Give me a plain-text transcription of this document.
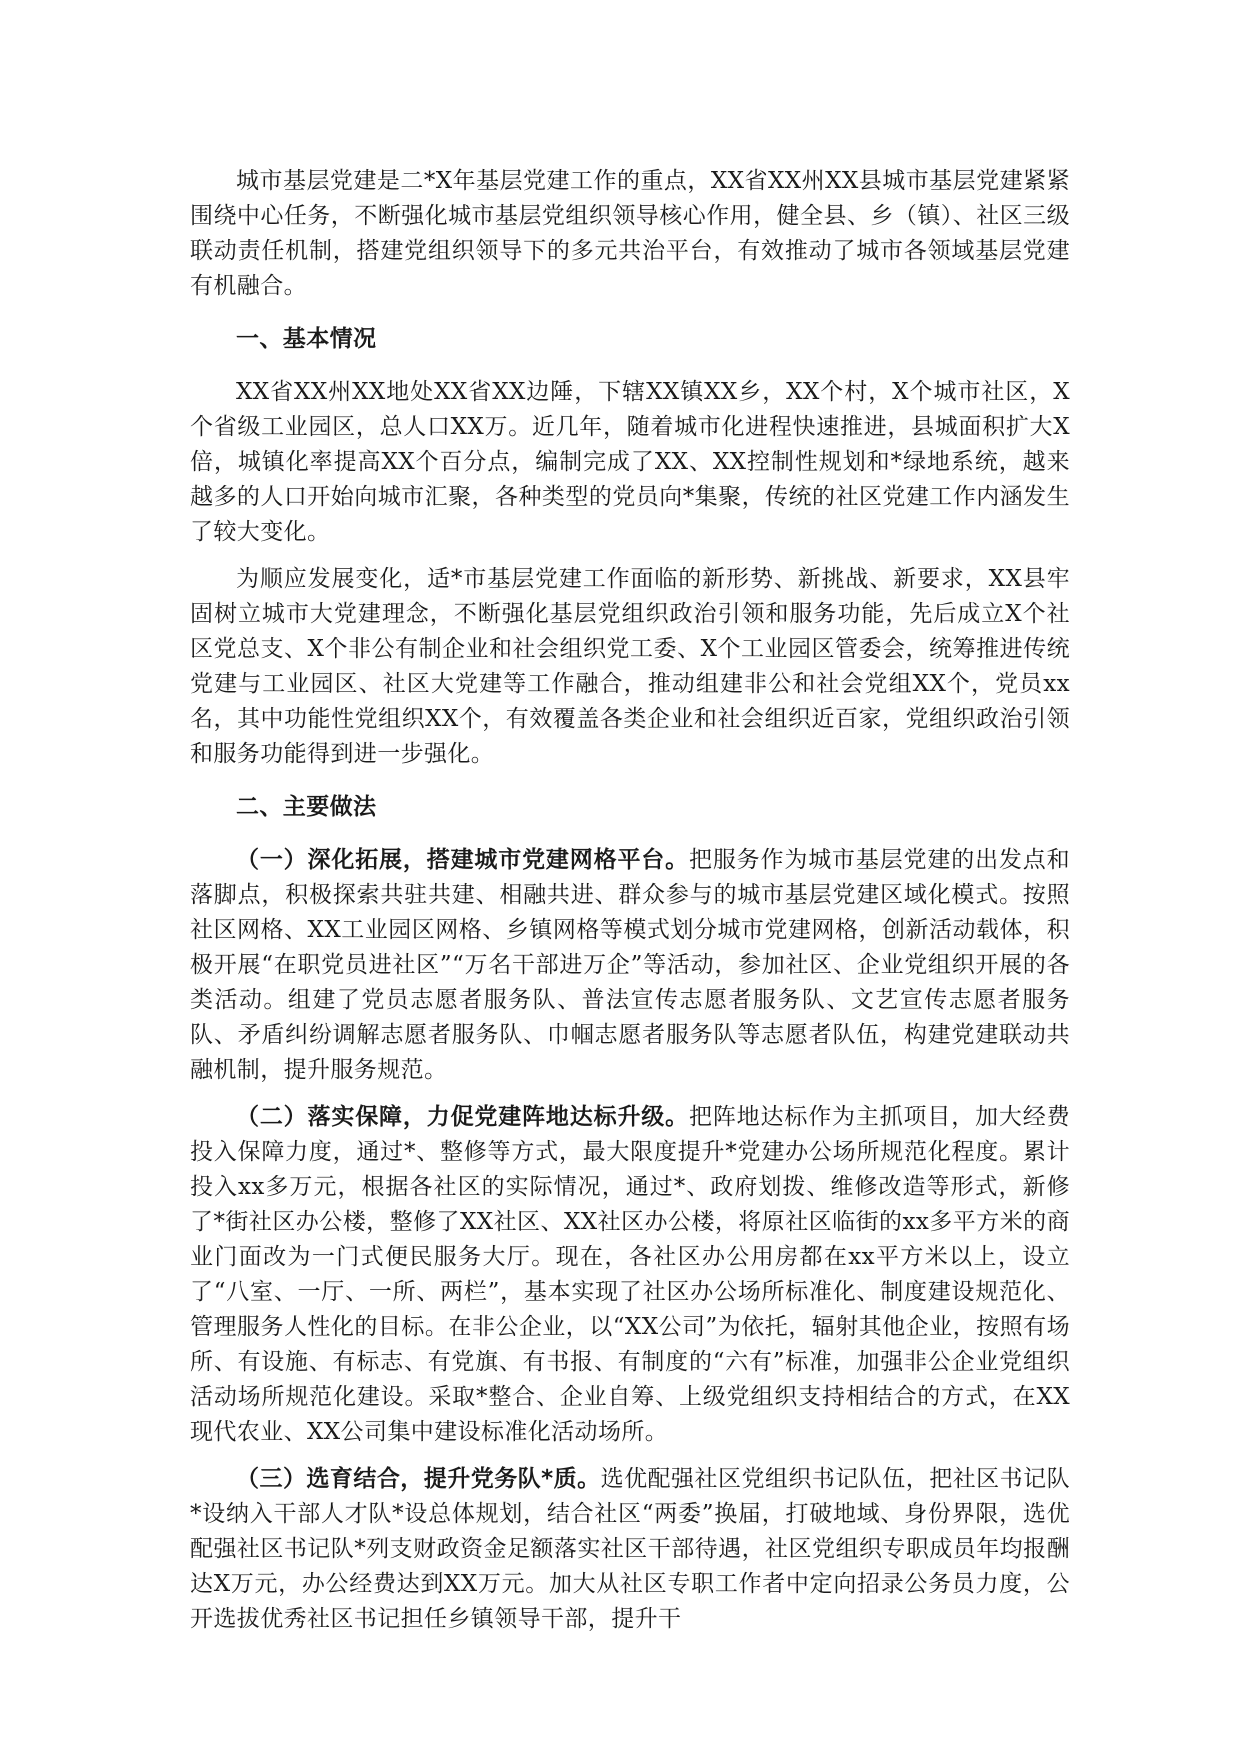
城市基层党建是二*X年基层党建工作的重点，XX省XX州XX县城市基层党建紧紧围绕中心任务，不断强化城市基层党组织领导核心作用，健全县、乡（镇）、社区三级联动责任机制，搭建党组织领导下的多元共治平台，有效推动了城市各领域基层党建有机融合。

一、基本情况

XX省XX州XX地处XX省XX边陲，下辖XX镇XX乡，XX个村，X个城市社区，X个省级工业园区，总人口XX万。近几年，随着城市化进程快速推进，县城面积扩大X倍，城镇化率提高XX个百分点，编制完成了XX、XX控制性规划和*绿地系统，越来越多的人口开始向城市汇聚，各种类型的党员向*集聚，传统的社区党建工作内涵发生了较大变化。

为顺应发展变化，适*市基层党建工作面临的新形势、新挑战、新要求，XX县牢固树立城市大党建理念，不断强化基层党组织政治引领和服务功能，先后成立X个社区党总支、X个非公有制企业和社会组织党工委、X个工业园区管委会，统筹推进传统党建与工业园区、社区大党建等工作融合，推动组建非公和社会党组XX个，党员xx名，其中功能性党组织XX个，有效覆盖各类企业和社会组织近百家，党组织政治引领和服务功能得到进一步强化。

二、主要做法

（一）深化拓展，搭建城市党建网格平台。把服务作为城市基层党建的出发点和落脚点，积极探索共驻共建、相融共进、群众参与的城市基层党建区域化模式。按照社区网格、XX工业园区网格、乡镇网格等模式划分城市党建网格，创新活动载体，积极开展“在职党员进社区”“万名干部进万企”等活动，参加社区、企业党组织开展的各类活动。组建了党员志愿者服务队、普法宣传志愿者服务队、文艺宣传志愿者服务队、矛盾纠纷调解志愿者服务队、巾帼志愿者服务队等志愿者队伍，构建党建联动共融机制，提升服务规范。

（二）落实保障，力促党建阵地达标升级。把阵地达标作为主抓项目，加大经费投入保障力度，通过*、整修等方式，最大限度提升*党建办公场所规范化程度。累计投入xx多万元，根据各社区的实际情况，通过*、政府划拨、维修改造等形式，新修了*街社区办公楼，整修了XX社区、XX社区办公楼，将原社区临街的xx多平方米的商业门面改为一门式便民服务大厅。现在，各社区办公用房都在xx平方米以上，设立了“八室、一厅、一所、两栏”，基本实现了社区办公场所标准化、制度建设规范化、管理服务人性化的目标。在非公企业，以“XX公司”为依托，辐射其他企业，按照有场所、有设施、有标志、有党旗、有书报、有制度的“六有”标准，加强非公企业党组织活动场所规范化建设。采取*整合、企业自筹、上级党组织支持相结合的方式，在XX现代农业、XX公司集中建设标准化活动场所。

（三）选育结合，提升党务队*质。选优配强社区党组织书记队伍，把社区书记队*设纳入干部人才队*设总体规划，结合社区“两委”换届，打破地域、身份界限，选优配强社区书记队*列支财政资金足额落实社区干部待遇，社区党组织专职成员年均报酬达X万元，办公经费达到XX万元。加大从社区专职工作者中定向招录公务员力度，公开选拔优秀社区书记担任乡镇领导干部，提升干
